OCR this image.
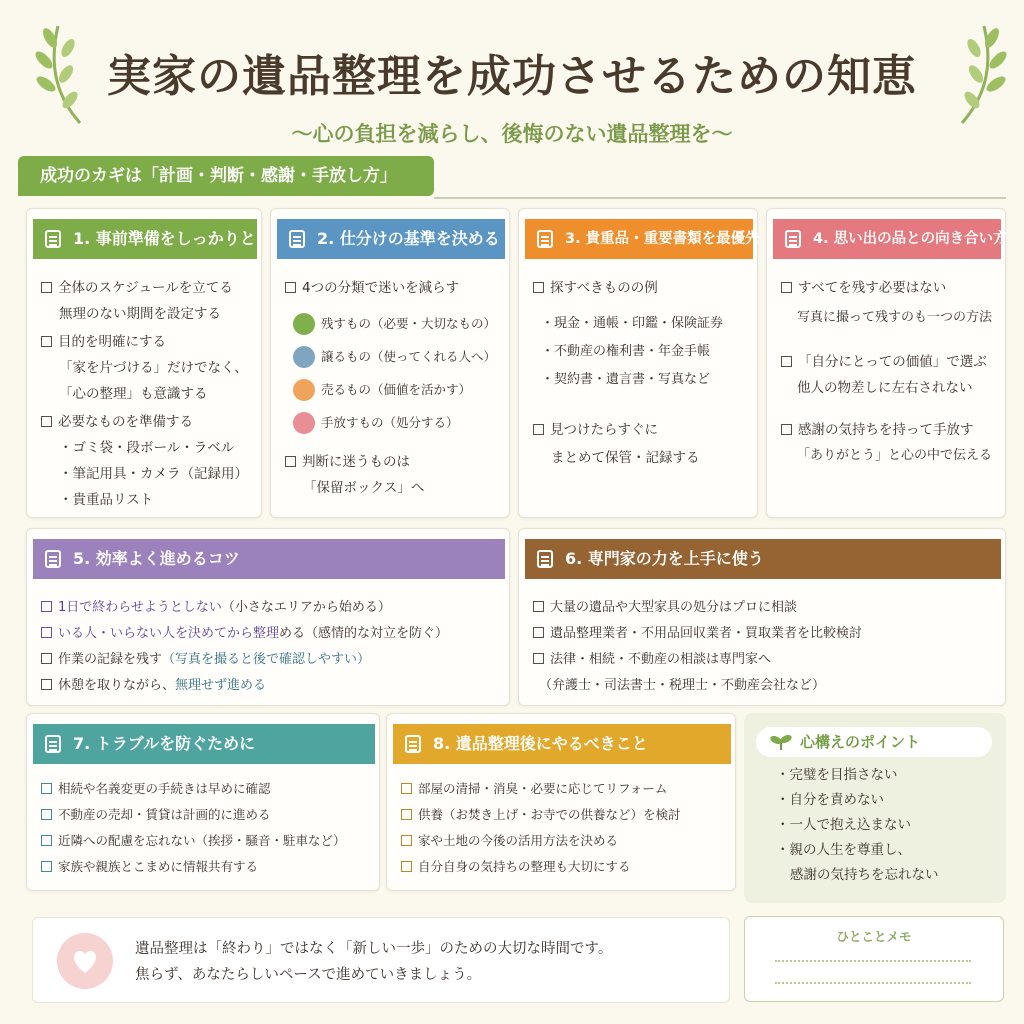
実家の遺品整理を成功させるための知恵
〜心の負担を減らし、後悔のない遺品整理を〜
成功のカギは「計画・判断・感謝・手放し方」
1. 事前準備をしっかりと
全体のスケジュールを立てる
無理のない期間を設定する
目的を明確にする
「家を片づける」だけでなく、
「心の整理」も意識する
必要なものを準備する
・ゴミ袋・段ボール・ラベル
・筆記用具・カメラ（記録用）
・貴重品リスト
2. 仕分けの基準を決める
4つの分類で迷いを減らす
残すもの（必要・大切なもの）
譲るもの（使ってくれる人へ）
売るもの（価値を活かす）
手放すもの（処分する）
判断に迷うものは
「保留ボックス」へ
3. 貴重品・重要書類を最優先
探すべきものの例
・現金・通帳・印鑑・保険証券
・不動産の権利書・年金手帳
・契約書・遺言書・写真など
見つけたらすぐに
まとめて保管・記録する
4. 思い出の品との向き合い方
すべてを残す必要はない
写真に撮って残すのも一つの方法
「自分にとっての価値」で選ぶ
他人の物差しに左右されない
感謝の気持ちを持って手放す
「ありがとう」と心の中で伝える
5. 効率よく進めるコツ
1日で終わらせようとしない（小さなエリアから始める）
いる人・いらない人を決めてから整理める（感情的な対立を防ぐ）
作業の記録を残す（写真を撮ると後で確認しやすい）
休憩を取りながら、無理せず進める
6. 専門家の力を上手に使う
大量の遺品や大型家具の処分はプロに相談
遺品整理業者・不用品回収業者・買取業者を比較検討
法律・相続・不動産の相談は専門家へ
（弁護士・司法書士・税理士・不動産会社など）
7. トラブルを防ぐために
相続や名義変更の手続きは早めに確認
不動産の売却・賃貸は計画的に進める
近隣への配慮を忘れない（挨拶・騒音・駐車など）
家族や親族とこまめに情報共有する
8. 遺品整理後にやるべきこと
部屋の清掃・消臭・必要に応じてリフォーム
供養（お焚き上げ・お寺での供養など）を検討
家や土地の今後の活用方法を決める
自分自身の気持ちの整理も大切にする
心構えのポイント
・完璧を目指さない
・自分を責めない
・一人で抱え込まない
・親の人生を尊重し、
感謝の気持ちを忘れない
遺品整理は「終わり」ではなく「新しい一歩」のための大切な時間です。
焦らず、あなたらしいペースで進めていきましょう。
ひとことメモ
